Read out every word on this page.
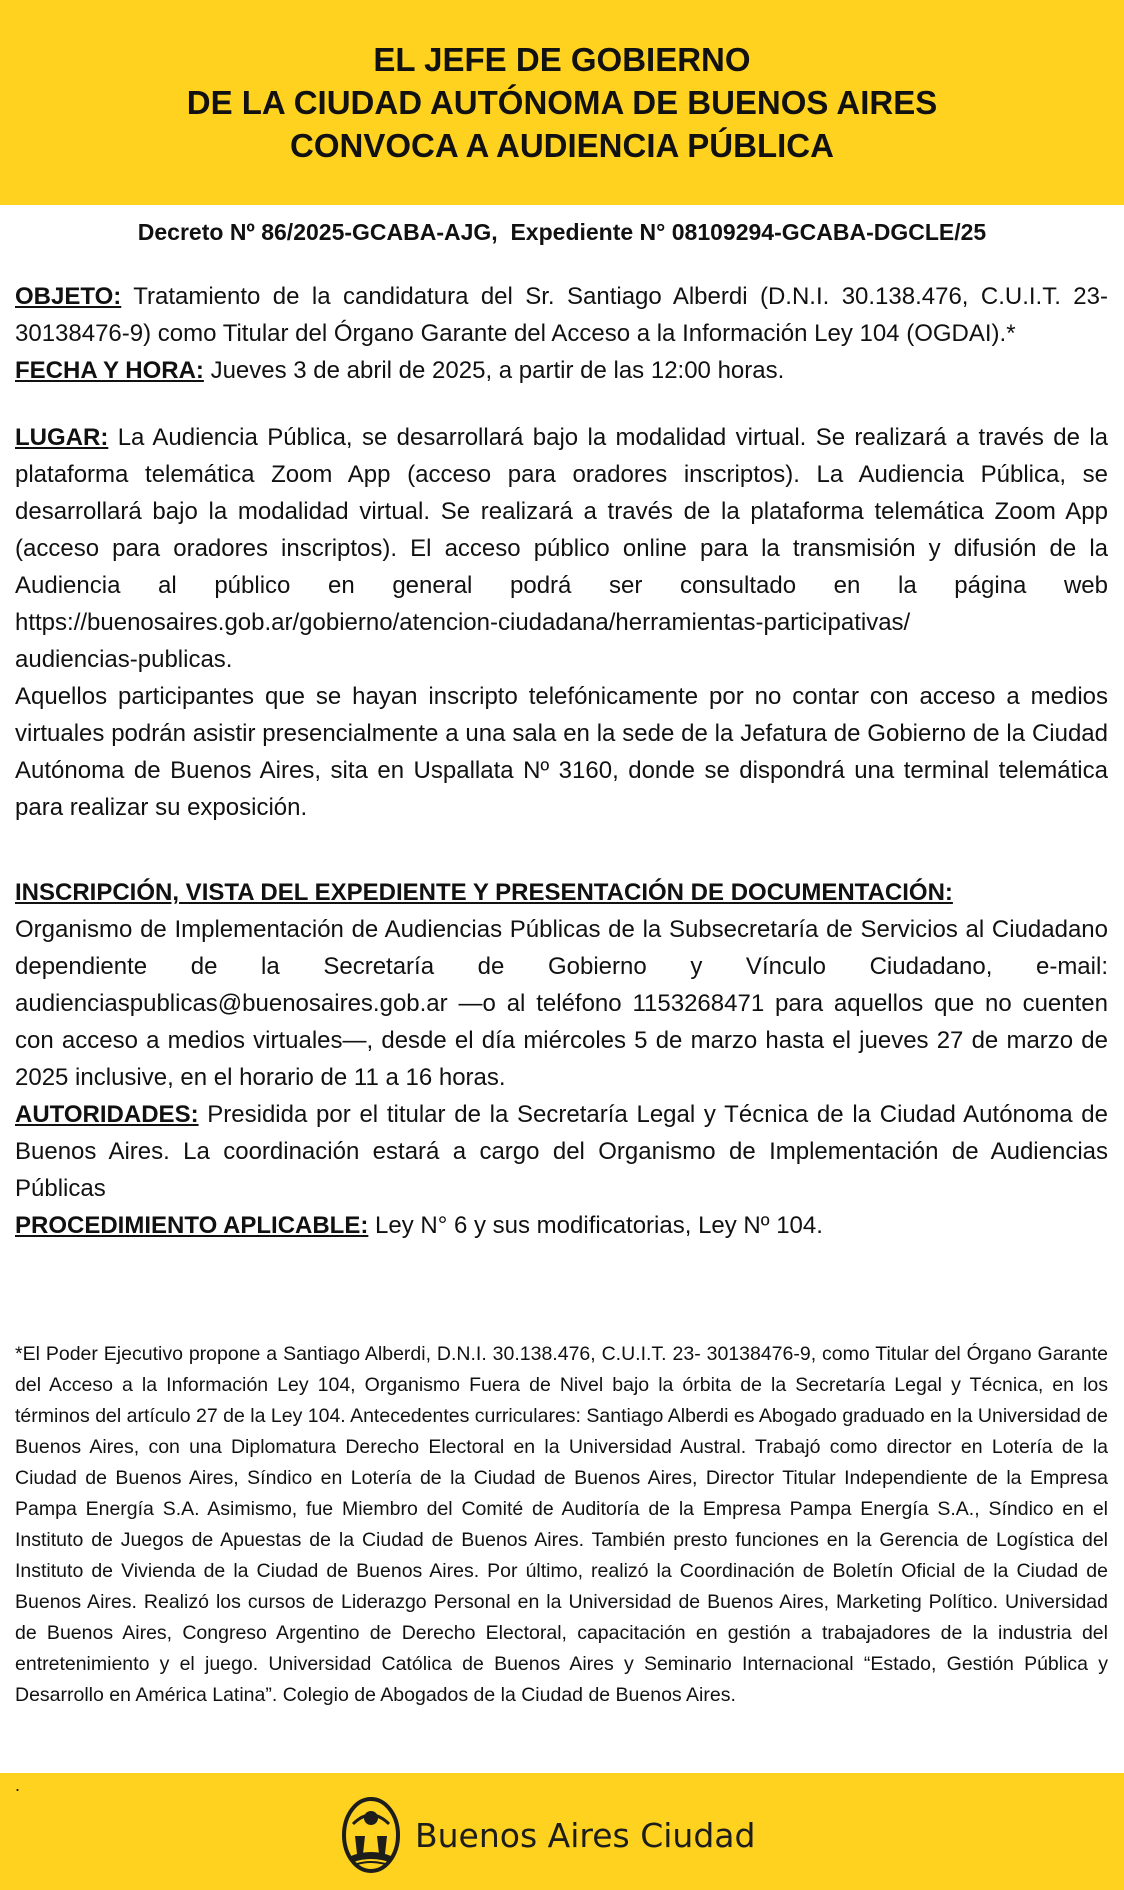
EL JEFE DE GOBIERNO
DE LA CIUDAD AUTÓNOMA DE BUENOS AIRES
CONVOCA A AUDIENCIA PÚBLICA
Decreto Nº 86/2025-GCABA-AJG,  Expediente N° 08109294-GCABA-DGCLE/25

OBJETO: Tratamiento de la candidatura del Sr. Santiago Alberdi (D.N.I. 30.138.476, C.U.I.T. 23-30138476-9) como Titular del Órgano Garante del Acceso a la Información Ley 104 (OGDAI).*

FECHA Y HORA: Jueves 3 de abril de 2025, a partir de las 12:00 horas.

LUGAR: La Audiencia Pública, se desarrollará bajo la modalidad virtual. Se realizará a través de la plataforma telemática Zoom App (acceso para oradores inscriptos). La Audiencia Pública, se desarrollará bajo la modalidad virtual. Se realizará a través de la plataforma telemática Zoom App (acceso para oradores inscriptos). El acceso público online para la transmisión y difusión de la Audiencia al público en general podrá ser consultado en la página web

https://buenosaires.gob.ar/gobierno/atencion-ciudadana/herramientas-participativas/

audiencias-publicas.

Aquellos participantes que se hayan inscripto telefónicamente por no contar con acceso a medios virtuales podrán asistir presencialmente a una sala en la sede de la Jefatura de Gobierno de la Ciudad Autónoma de Buenos Aires, sita en Uspallata Nº 3160, donde se dispondrá una terminal telemática para realizar su exposición.

INSCRIPCIÓN, VISTA DEL EXPEDIENTE Y PRESENTACIÓN DE DOCUMENTACIÓN:

Organismo de Implementación de Audiencias Públicas de la Subsecretaría de Servicios al Ciudadano dependiente de la Secretaría de Gobierno y Vínculo Ciudadano, e-mail: audienciaspublicas@buenosaires.gob.ar —o al teléfono 1153268471 para aquellos que no cuenten con acceso a medios virtuales—, desde el día miércoles 5 de marzo hasta el jueves 27 de marzo de 2025 inclusive, en el horario de 11 a 16 horas.

AUTORIDADES: Presidida por el titular de la Secretaría Legal y Técnica de la Ciudad Autónoma de Buenos Aires. La coordinación estará a cargo del Organismo de Implementación de Audiencias Públicas

PROCEDIMIENTO APLICABLE: Ley N° 6 y sus modificatorias, Ley Nº 104.

*El Poder Ejecutivo propone a Santiago Alberdi, D.N.I. 30.138.476, C.U.I.T. 23- 30138476-9, como Titular del Órgano Garante del Acceso a la Información Ley 104, Organismo Fuera de Nivel bajo la órbita de la Secretaría Legal y Técnica, en los términos del artículo 27 de la Ley 104. Antecedentes curriculares: Santiago Alberdi es Abogado graduado en la Universidad de Buenos Aires, con una Diplomatura Derecho Electoral en la Universidad Austral. Trabajó como director en Lotería de la Ciudad de Buenos Aires, Síndico en Lotería de la Ciudad de Buenos Aires, Director Titular Independiente de la Empresa Pampa Energía S.A. Asimismo, fue Miembro del Comité de Auditoría de la Empresa Pampa Energía S.A., Síndico en el Instituto de Juegos de Apuestas de la Ciudad de Buenos Aires. También presto funciones en la Gerencia de Logística del Instituto de Vivienda de la Ciudad de Buenos Aires. Por último, realizó la Coordinación de Boletín Oficial de la Ciudad de Buenos Aires. Realizó los cursos de Liderazgo Personal en la Universidad de Buenos Aires, Marketing Político. Universidad de Buenos Aires, Congreso Argentino de Derecho Electoral, capacitación en gestión a trabajadores de la industria del entretenimiento y el juego. Universidad Católica de Buenos Aires y Seminario Internacional “Estado, Gestión Pública y Desarrollo en América Latina”. Colegio de Abogados de la Ciudad de Buenos Aires.

.
Buenos Aires Ciudad
